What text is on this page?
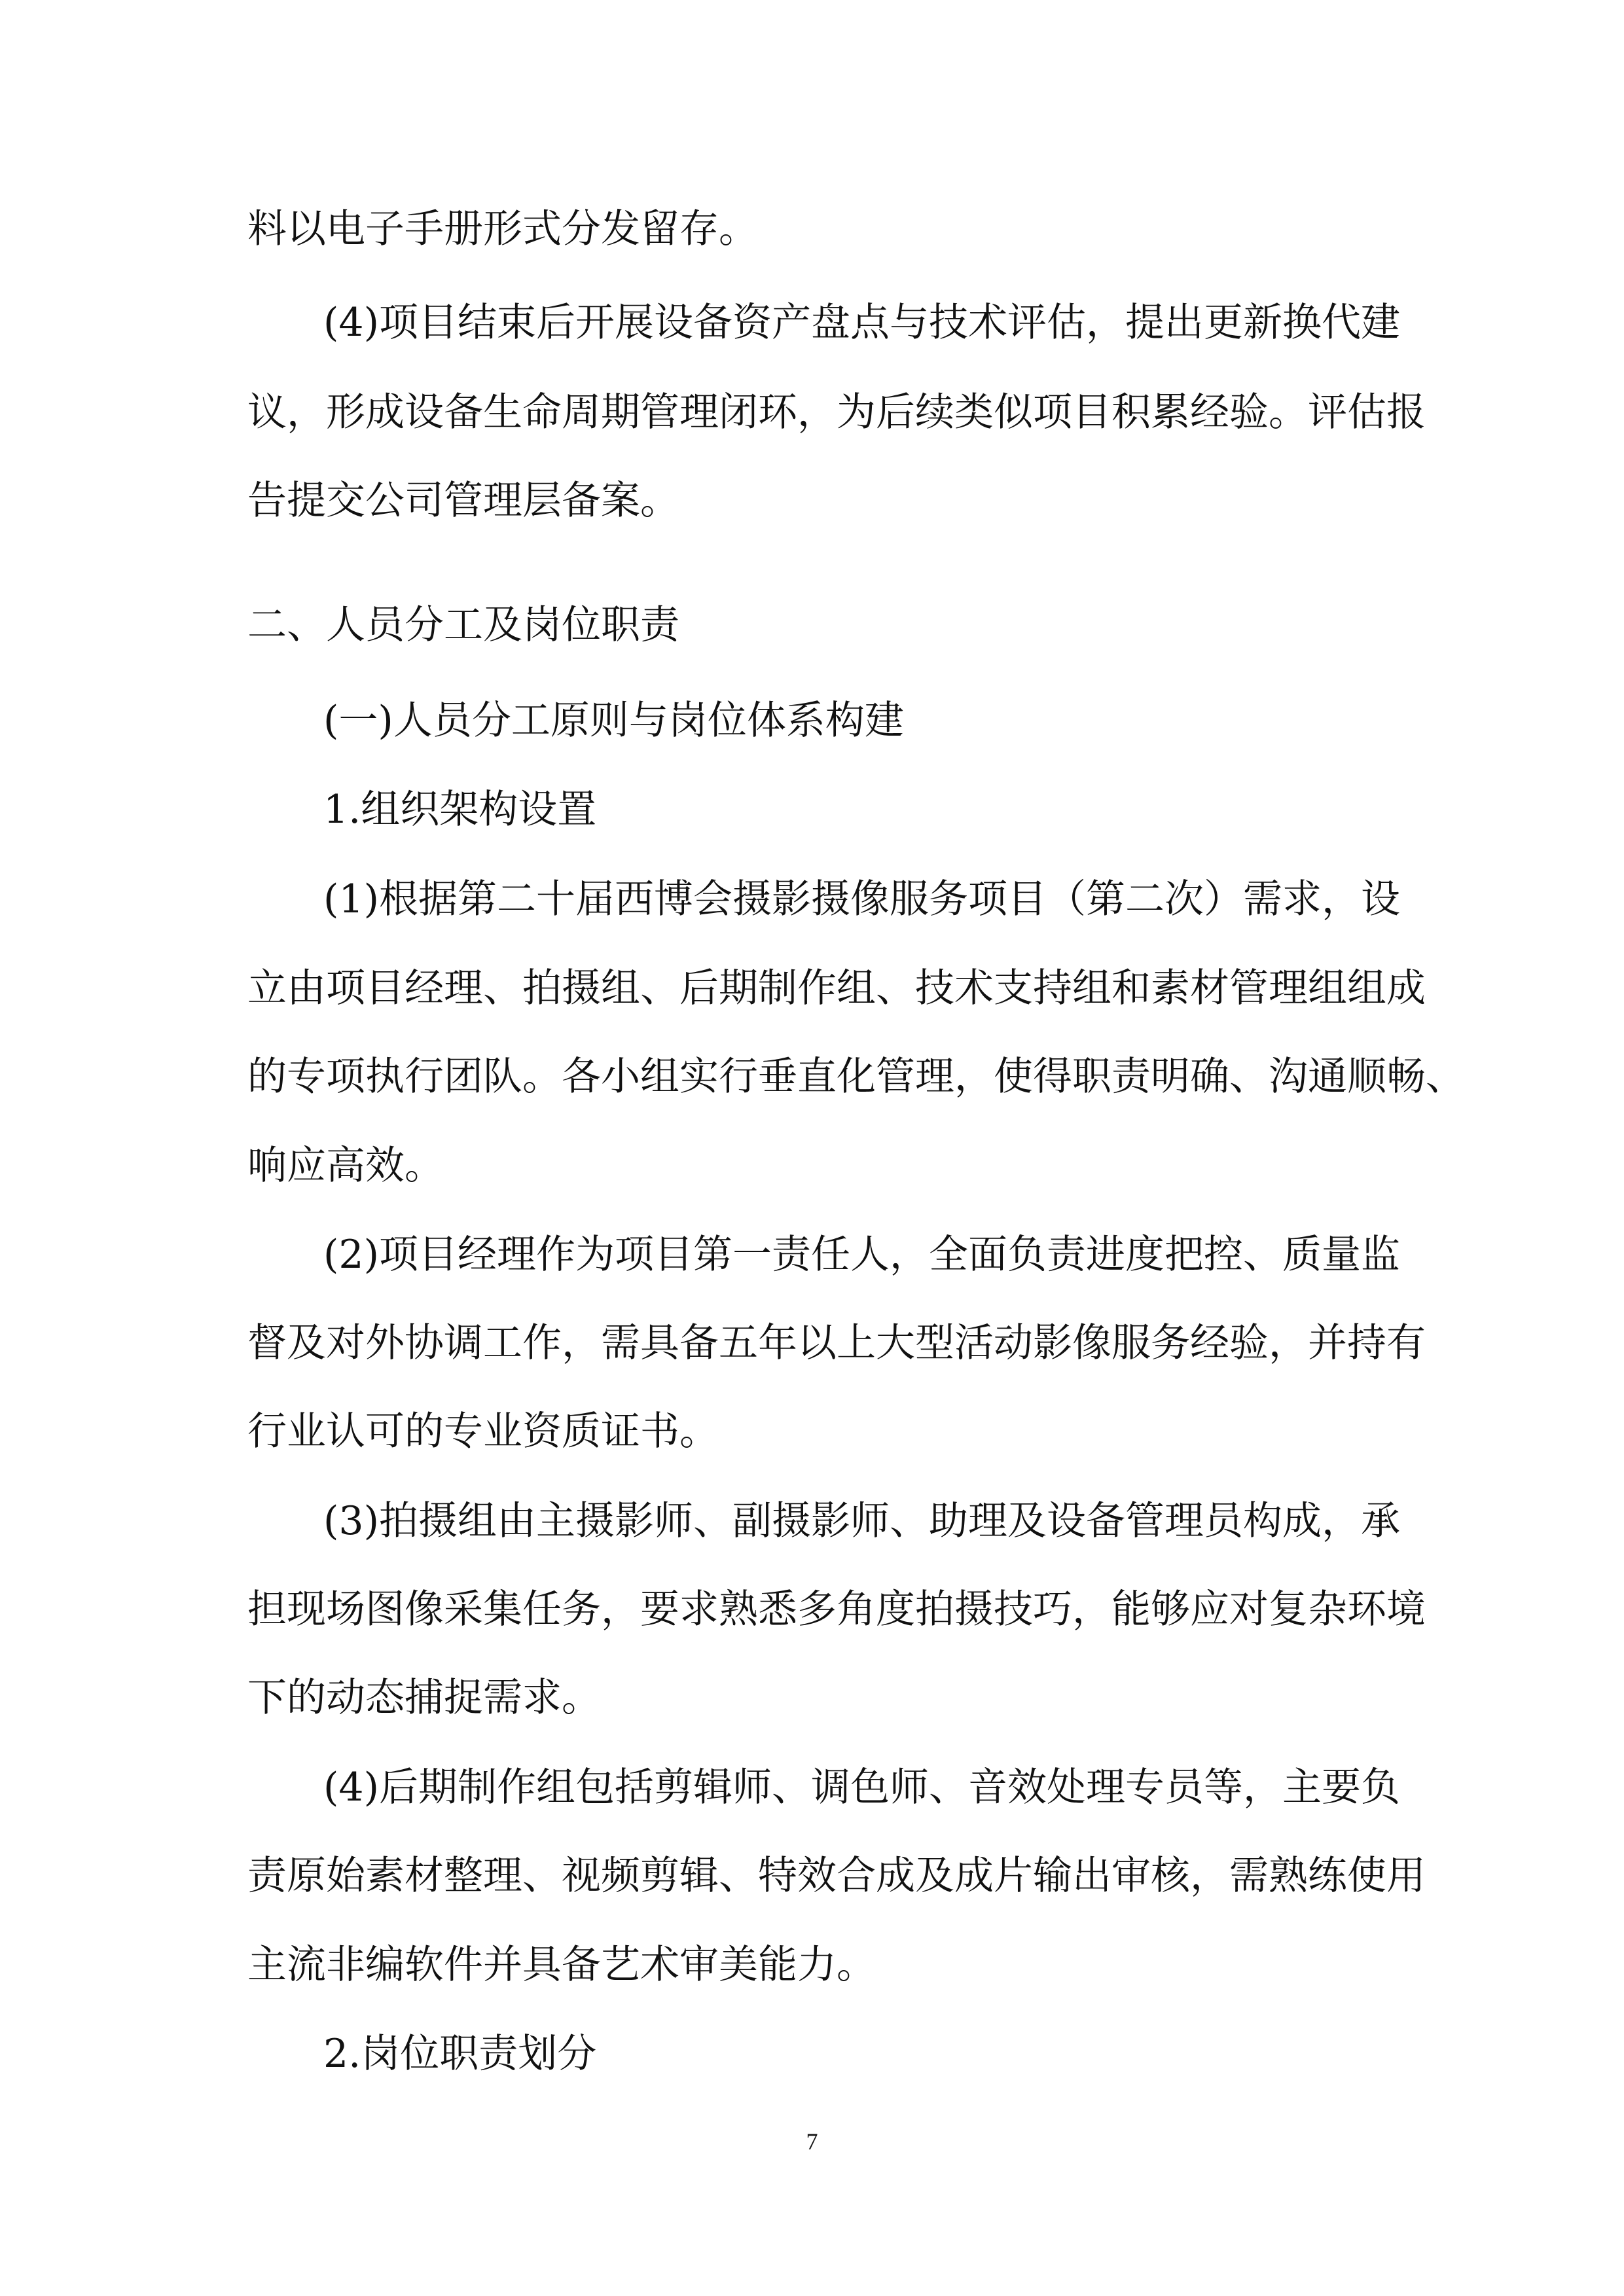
料以电子手册形式分发留存。

(4)项目结束后开展设备资产盘点与技术评估，提出更新换代建

议，形成设备生命周期管理闭环，为后续类似项目积累经验。评估报

告提交公司管理层备案。

二、人员分工及岗位职责

(一)人员分工原则与岗位体系构建

1.组织架构设置

(1)根据第二十届西博会摄影摄像服务项目（第二次）需求，设

立由项目经理、拍摄组、后期制作组、技术支持组和素材管理组组成

的专项执行团队。各小组实行垂直化管理，使得职责明确、沟通顺畅、

响应高效。

(2)项目经理作为项目第一责任人，全面负责进度把控、质量监

督及对外协调工作，需具备五年以上大型活动影像服务经验，并持有

行业认可的专业资质证书。

(3)拍摄组由主摄影师、副摄影师、助理及设备管理员构成，承

担现场图像采集任务，要求熟悉多角度拍摄技巧，能够应对复杂环境

下的动态捕捉需求。

(4)后期制作组包括剪辑师、调色师、音效处理专员等，主要负

责原始素材整理、视频剪辑、特效合成及成片输出审核，需熟练使用

主流非编软件并具备艺术审美能力。

2.岗位职责划分

7
